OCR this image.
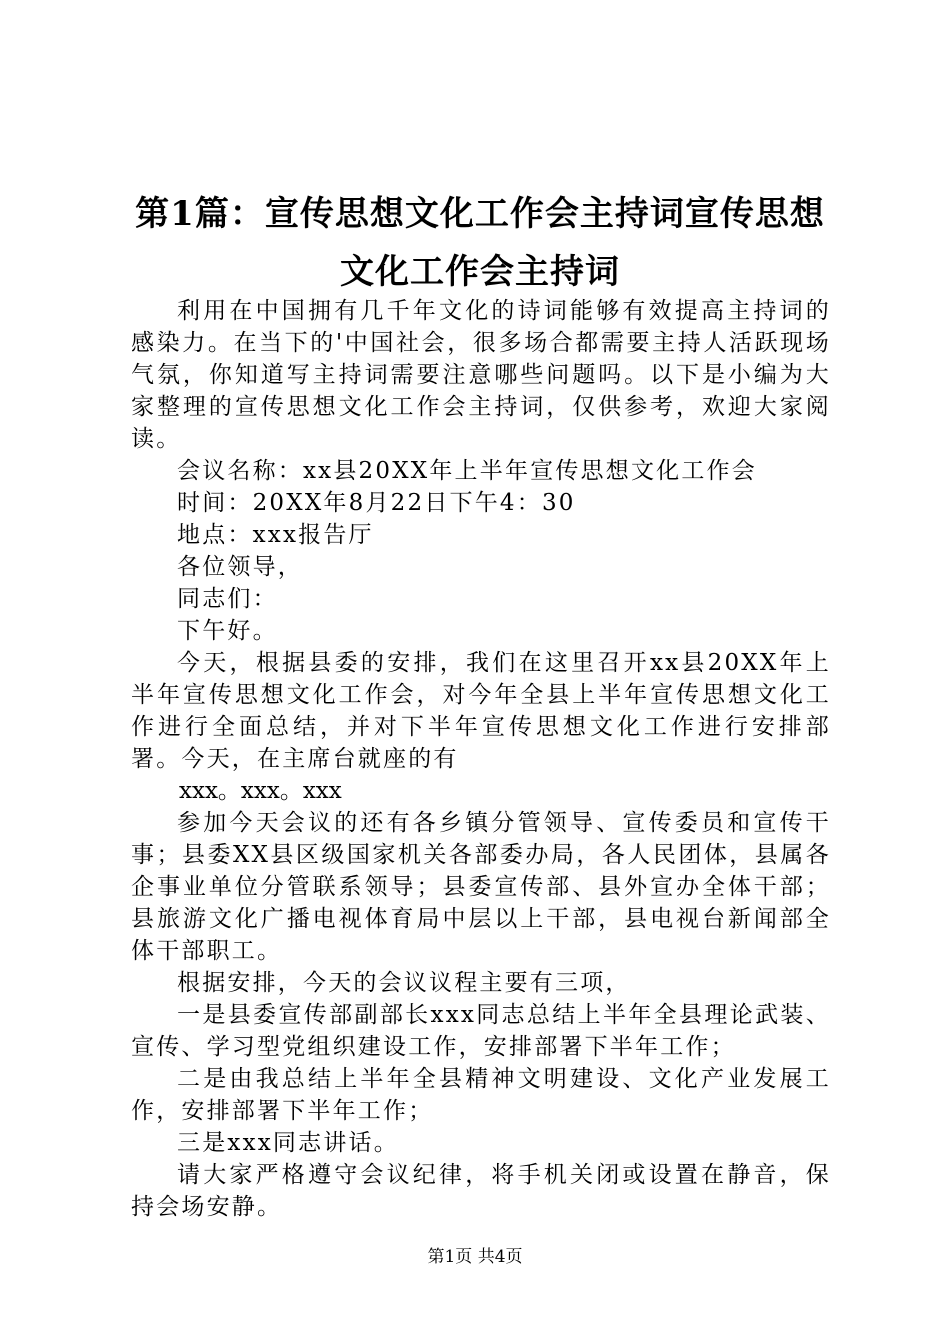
第1篇：宣传思想文化工作会主持词宣传思想
文化工作会主持词

利用在中国拥有几千年文化的诗词能够有效提高主持词的感染力。在当下的'中国社会，很多场合都需要主持人活跃现场气氛，你知道写主持词需要注意哪些问题吗。以下是小编为大家整理的宣传思想文化工作会主持词，仅供参考，欢迎大家阅读。

会议名称：xx县20XX年上半年宣传思想文化工作会

时间：20XX年8月22日下午4：30

地点：xxx报告厅

各位领导，

同志们：

下午好。

今天，根据县委的安排，我们在这里召开xx县20XX年上半年宣传思想文化工作会，对今年全县上半年宣传思想文化工作进行全面总结，并对下半年宣传思想文化工作进行安排部署。今天，在主席台就座的有

xxx。xxx。xxx

参加今天会议的还有各乡镇分管领导、宣传委员和宣传干事；县委XX县区级国家机关各部委办局，各人民团体，县属各企事业单位分管联系领导；县委宣传部、县外宣办全体干部；县旅游文化广播电视体育局中层以上干部，县电视台新闻部全体干部职工。

根据安排，今天的会议议程主要有三项，

一是县委宣传部副部长xxx同志总结上半年全县理论武装、宣传、学习型党组织建设工作，安排部署下半年工作；

二是由我总结上半年全县精神文明建设、文化产业发展工作，安排部署下半年工作；

三是xxx同志讲话。

请大家严格遵守会议纪律，将手机关闭或设置在静音，保持会场安静。

第1页 共4页
